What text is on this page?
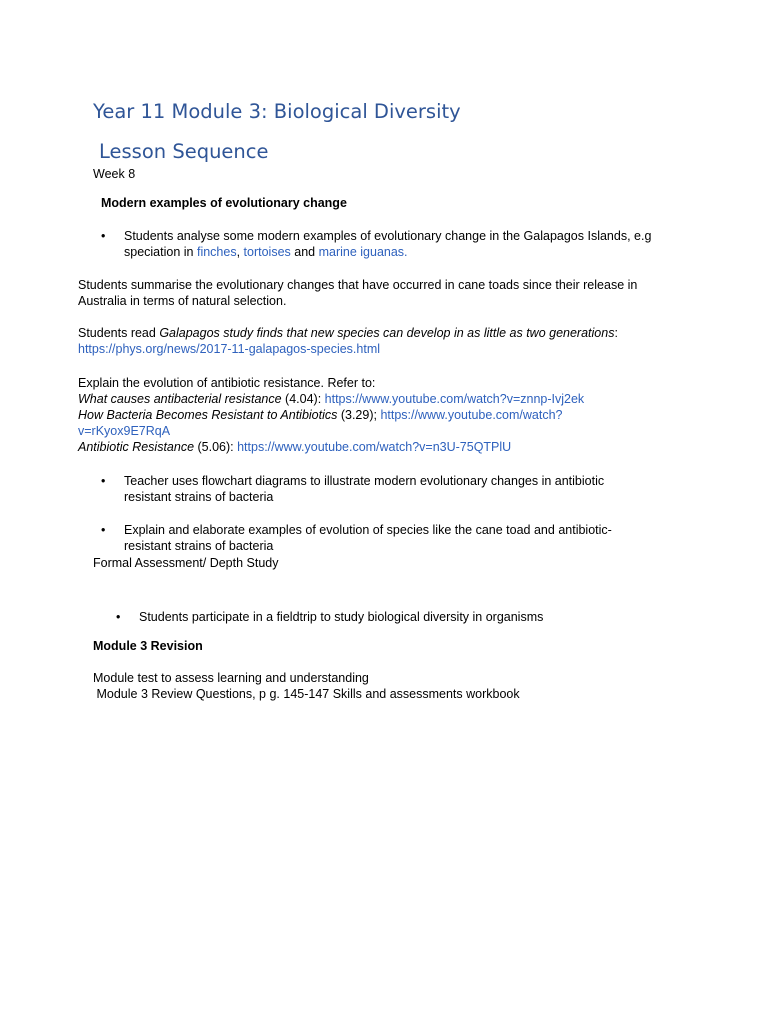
Year 11 Module 3: Biological Diversity
Lesson Sequence
Week 8
Modern examples of evolutionary change
• Students analyse some modern examples of evolutionary change in the Galapagos Islands, e.g
speciation in finches, tortoises and marine iguanas.
Students summarise the evolutionary changes that have occurred in cane toads since their release in
Australia in terms of natural selection.
Students read Galapagos study finds that new species can develop in as little as two generations:
https://phys.org/news/2017-11-galapagos-species.html
Explain the evolution of antibiotic resistance. Refer to:
What causes antibacterial resistance (4.04): https://www.youtube.com/watch?v=znnp-Ivj2ek
How Bacteria Becomes Resistant to Antibiotics (3.29); https://www.youtube.com/watch?
v=rKyox9E7RqA
Antibiotic Resistance (5.06): https://www.youtube.com/watch?v=n3U-75QTPlU
• Teacher uses flowchart diagrams to illustrate modern evolutionary changes in antibiotic
resistant strains of bacteria
• Explain and elaborate examples of evolution of species like the cane toad and antibiotic-
resistant strains of bacteria
Formal Assessment/ Depth Study
• Students participate in a fieldtrip to study biological diversity in organisms
Module 3 Revision
Module test to assess learning and understanding
Module 3 Review Questions, p g. 145-147 Skills and assessments workbook
